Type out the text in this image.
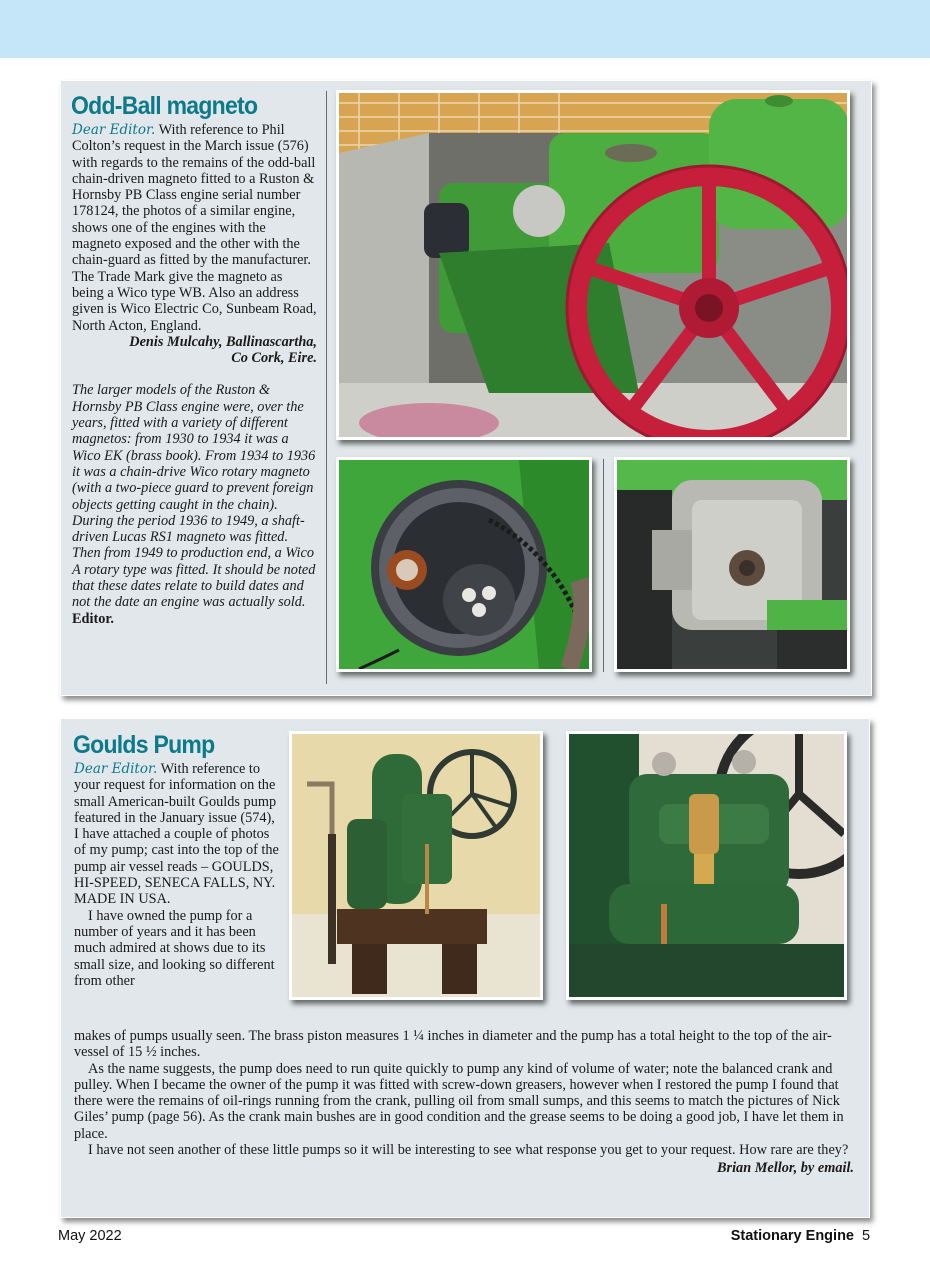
Odd-Ball magneto

Dear Editor. With reference to Phil Colton’s request in the March issue (576) with regards to the remains of the odd-ball chain-driven magneto fitted to a Ruston & Hornsby PB Class engine serial number 178124, the photos of a similar engine, shows one of the engines with the magneto exposed and the other with the chain-guard as fitted by the manufacturer. The Trade Mark give the magneto as being a Wico type WB. Also an address given is Wico Electric Co, Sunbeam Road, North Acton, England.

Denis Mulcahy, Ballinascartha,

Co Cork, Eire.

The larger models of the Ruston & Hornsby PB Class engine were, over the years, fitted with a variety of different magnetos: from 1930 to 1934 it was a Wico EK (brass book). From 1934 to 1936 it was a chain-drive Wico rotary magneto (with a two-piece guard to prevent foreign objects getting caught in the chain). During the period 1936 to 1949, a shaft-driven Lucas RS1 magneto was fitted. Then from 1949 to production end, a Wico A rotary type was fitted. It should be noted that these dates relate to build dates and not the date an engine was actually sold. Editor.

Goulds Pump

Dear Editor. With reference to your request for information on the small American-built Goulds pump featured in the January issue (574), I have attached a couple of photos of my pump; cast into the top of the pump air vessel reads – GOULDS, HI-SPEED, SENECA FALLS, NY. MADE IN USA.

I have owned the pump for a number of years and it has been much admired at shows due to its small size, and looking so different from other

makes of pumps usually seen. The brass piston measures 1 ¼ inches in diameter and the pump has a total height to the top of the air-vessel of 15 ½ inches.

As the name suggests, the pump does need to run quite quickly to pump any kind of volume of water; note the balanced crank and pulley. When I became the owner of the pump it was fitted with screw-down greasers, however when I restored the pump I found that there were the remains of oil-rings running from the crank, pulling oil from small sumps, and this seems to match the pictures of Nick Giles’ pump (page 56). As the crank main bushes are in good condition and the grease seems to be doing a good job, I have let them in place.

I have not seen another of these little pumps so it will be interesting to see what response you get to your request. How rare are they?

Brian Mellor, by email.

May 2022	Stationary Engine 5
